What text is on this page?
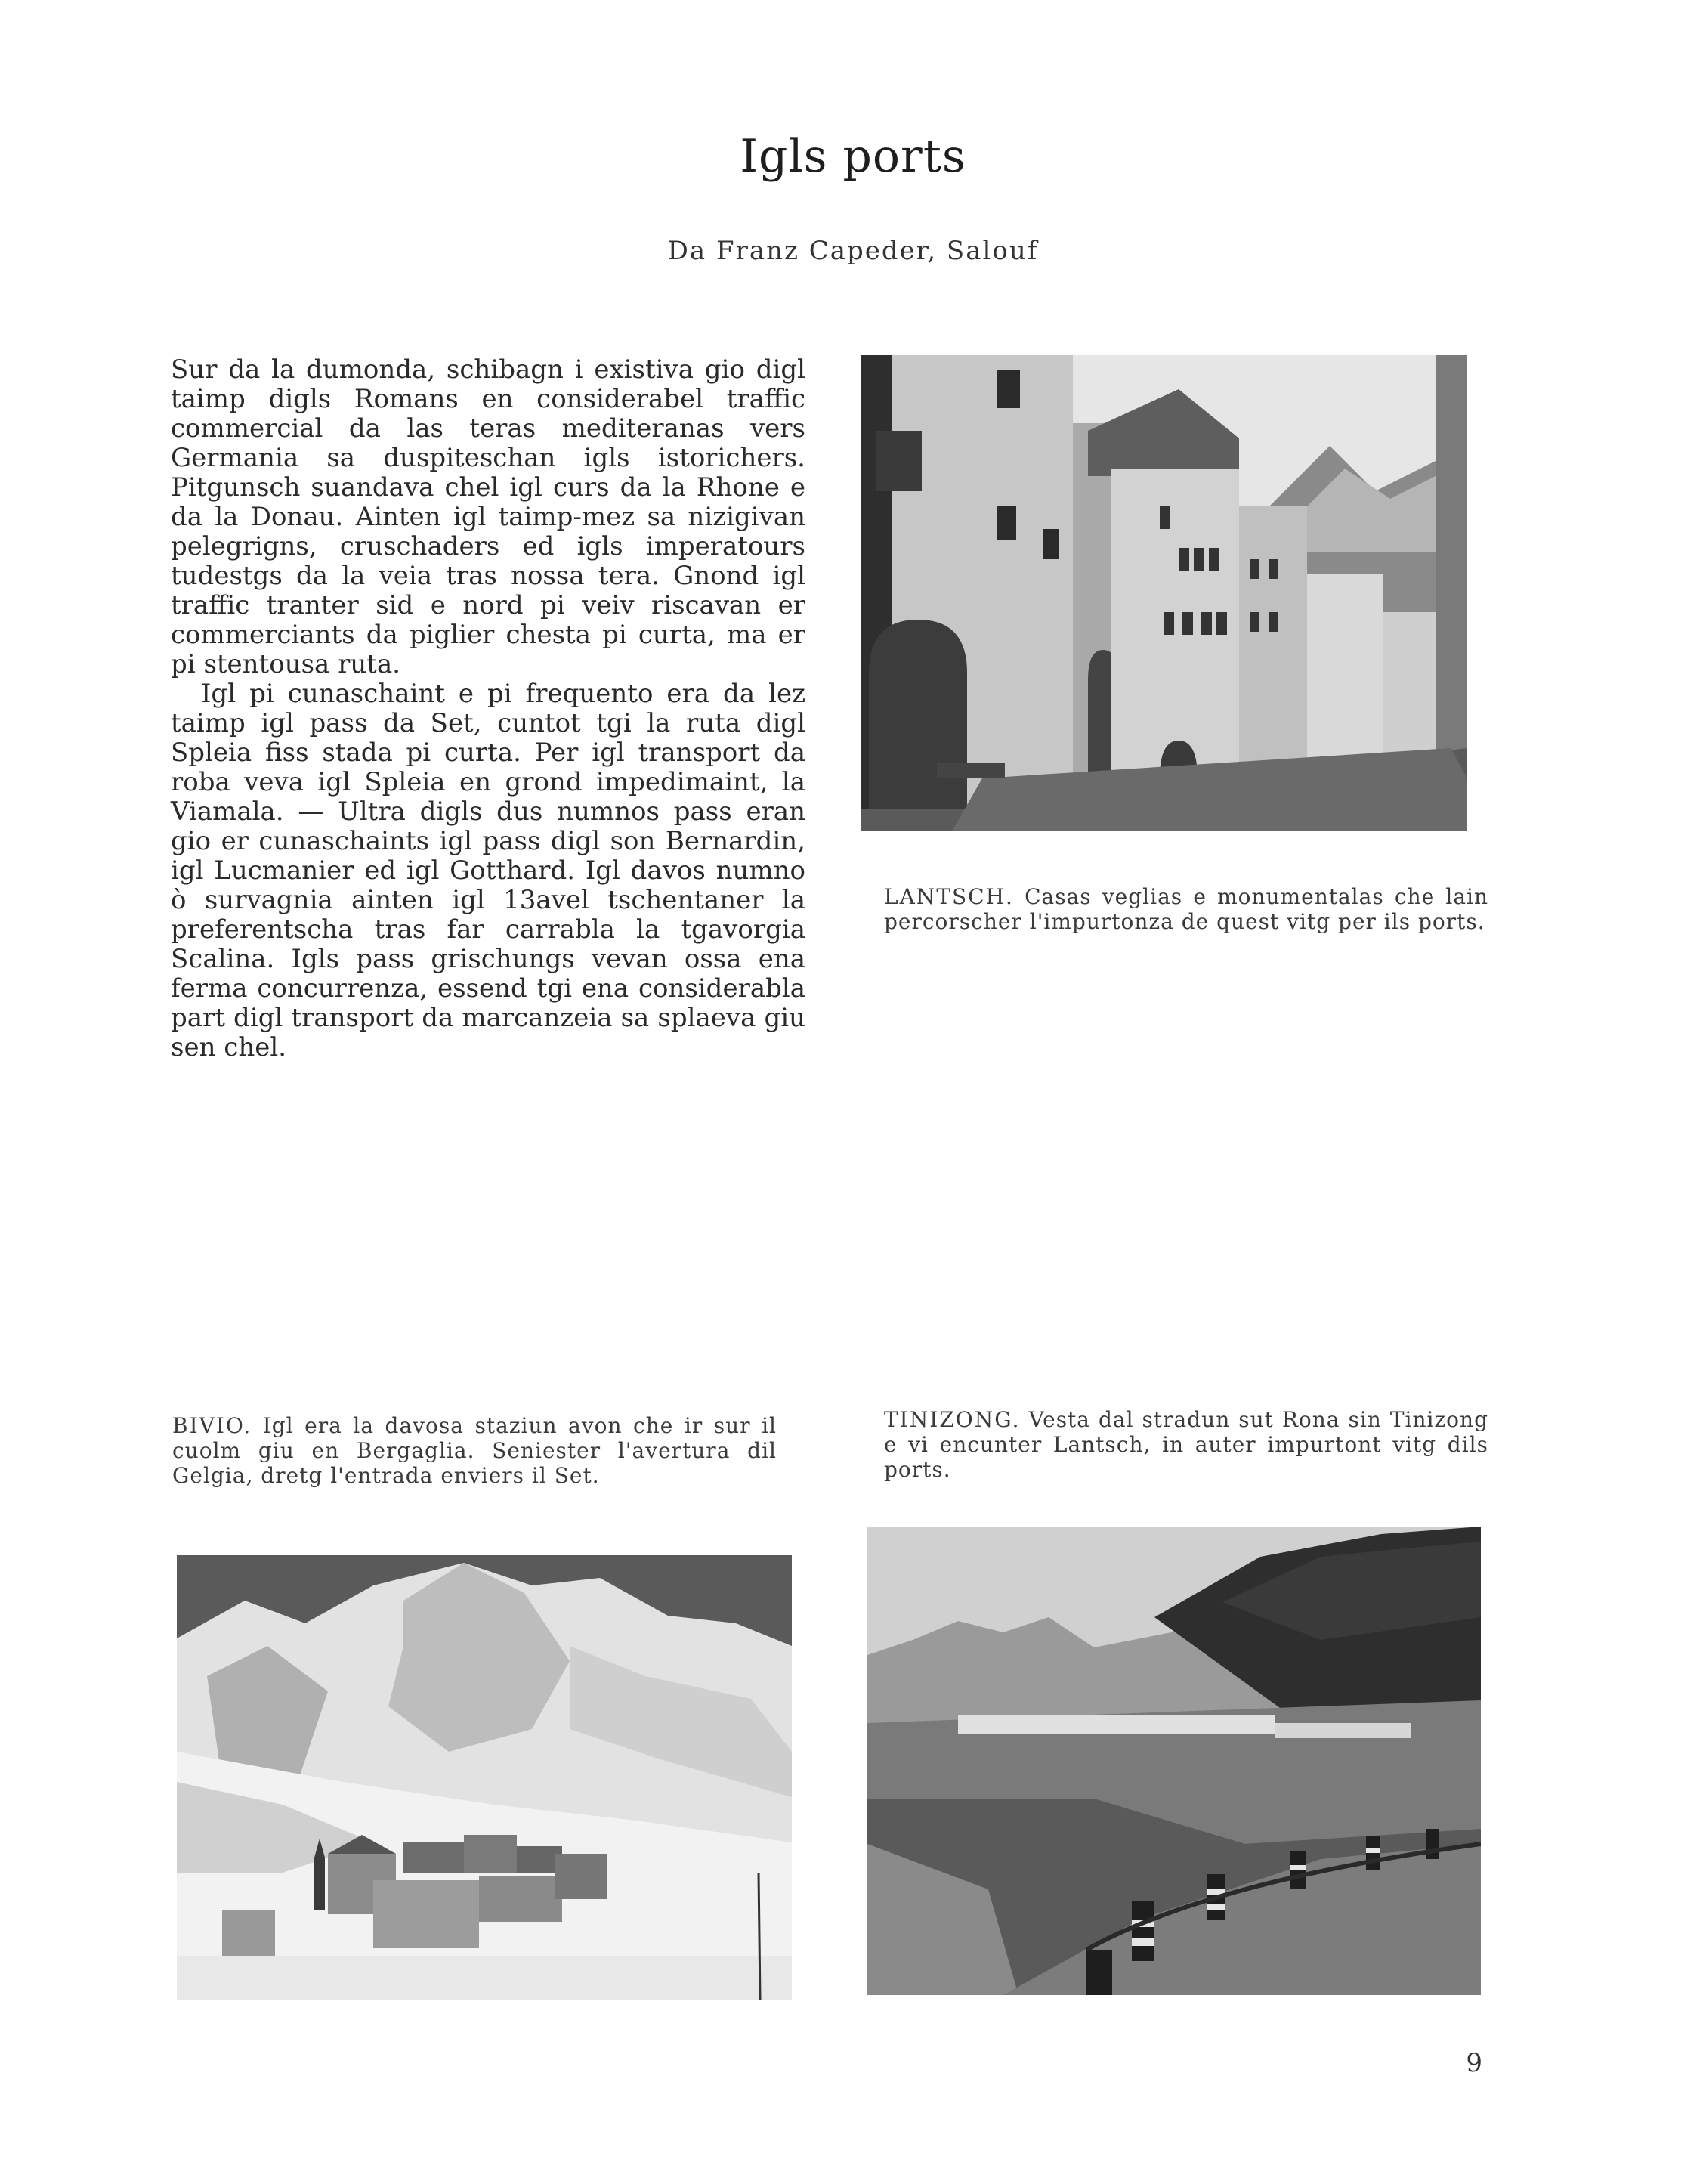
Igls ports
Da Franz Capeder, Salouf

Sur da la dumonda, schibagn i existiva gio digl taimp digls Romans en considerabel traffic commercial da las teras mediteranas vers Germania sa duspiteschan igls istorichers. Pitgunsch suandava chel igl curs da la Rhone e da la Donau. Ainten igl taimp-mez sa nizigivan pelegrigns, cruschaders ed igls imperatours tudestgs da la veia tras nossa tera. Gnond igl traffic tranter sid e nord pi veiv riscavan er commerciants da piglier chesta pi curta, ma er pi stentousa ruta.

Igl pi cunaschaint e pi frequento era da lez taimp igl pass da Set, cuntot tgi la ruta digl Spleia fiss stada pi curta. Per igl transport da roba veva igl Spleia en grond impedimaint, la Viamala. — Ultra digls dus numnos pass eran gio er cunaschaints igl pass digl son Bernardin, igl Lucmanier ed igl Gotthard. Igl davos numno ò survagnia ainten igl 13avel tschentaner la preferentscha tras far carrabla la tgavorgia Scalina. Igls pass grischungs vevan ossa ena ferma concurrenza, essend tgi ena considerabla part digl transport da marcanzeia sa splaeva giu sen chel.

LANTSCH. Casas veglias e monumentalas che lain percorscher l'impurtonza de quest vitg per ils ports.
BIVIO. Igl era la davosa staziun avon che ir sur il cuolm giu en Bergaglia. Seniester l'avertura dil Gelgia, dretg l'entrada enviers il Set.
TINIZONG. Vesta dal stradun sut Rona sin Tinizong e vi encunter Lantsch, in auter impurtont vitg dils ports.
9
